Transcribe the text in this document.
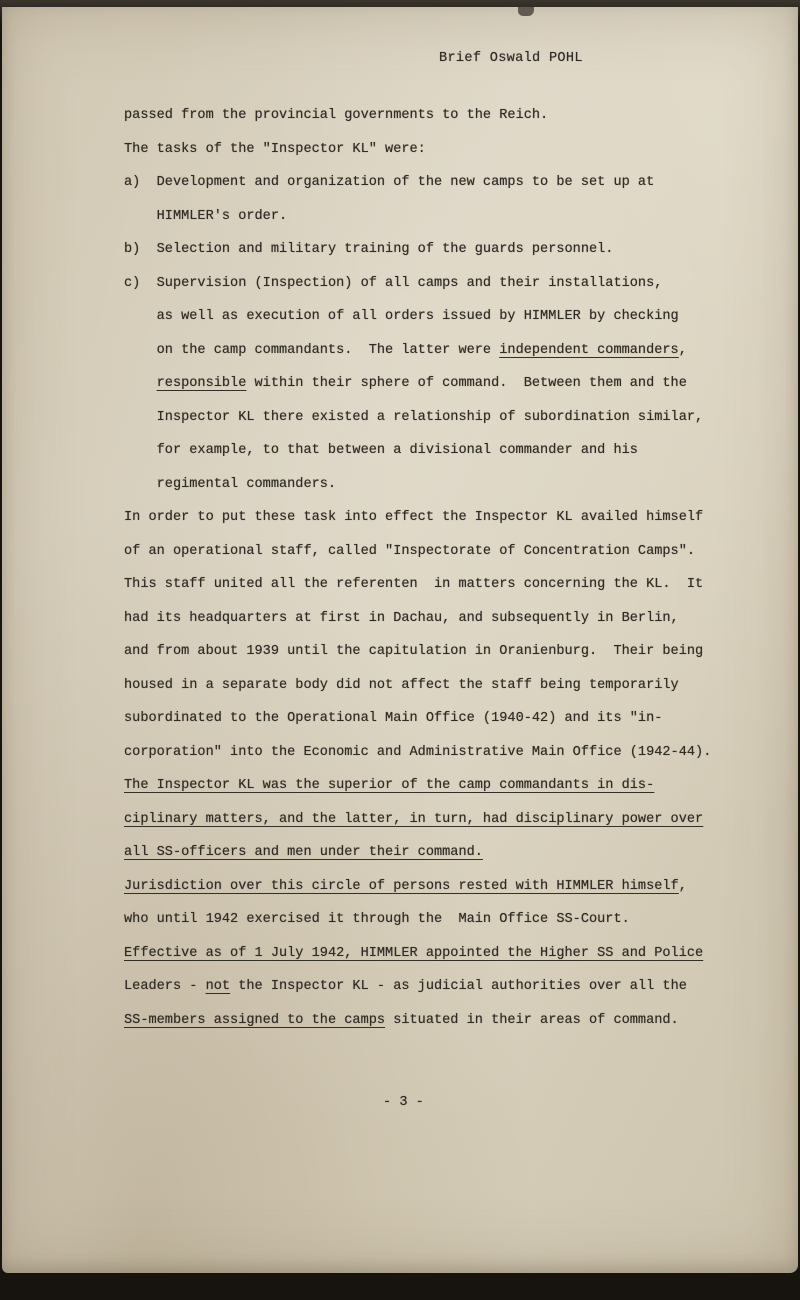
Brief Oswald POHL
passed from the provincial governments to the Reich.
The tasks of the "Inspector KL" were:
a)  Development and organization of the new camps to be set up at
HIMMLER's order.
b)  Selection and military training of the guards personnel.
c)  Supervision (Inspection) of all camps and their installations,
as well as execution of all orders issued by HIMMLER by checking
on the camp commandants.  The latter were independent commanders,
responsible within their sphere of command.  Between them and the
Inspector KL there existed a relationship of subordination similar,
for example, to that between a divisional commander and his
regimental commanders.
In order to put these task into effect the Inspector KL availed himself
of an operational staff, called "Inspectorate of Concentration Camps".
This staff united all the referenten  in matters concerning the KL.  It
had its headquarters at first in Dachau, and subsequently in Berlin,
and from about 1939 until the capitulation in Oranienburg.  Their being
housed in a separate body did not affect the staff being temporarily
subordinated to the Operational Main Office (1940-42) and its "in-
corporation" into the Economic and Administrative Main Office (1942-44).
The Inspector KL was the superior of the camp commandants in dis-
ciplinary matters, and the latter, in turn, had disciplinary power over
all SS-officers and men under their command.
Jurisdiction over this circle of persons rested with HIMMLER himself,
who until 1942 exercised it through the  Main Office SS-Court.
Effective as of 1 July 1942, HIMMLER appointed the Higher SS and Police
Leaders - not the Inspector KL - as judicial authorities over all the
SS-members assigned to the camps situated in their areas of command.
- 3 -
